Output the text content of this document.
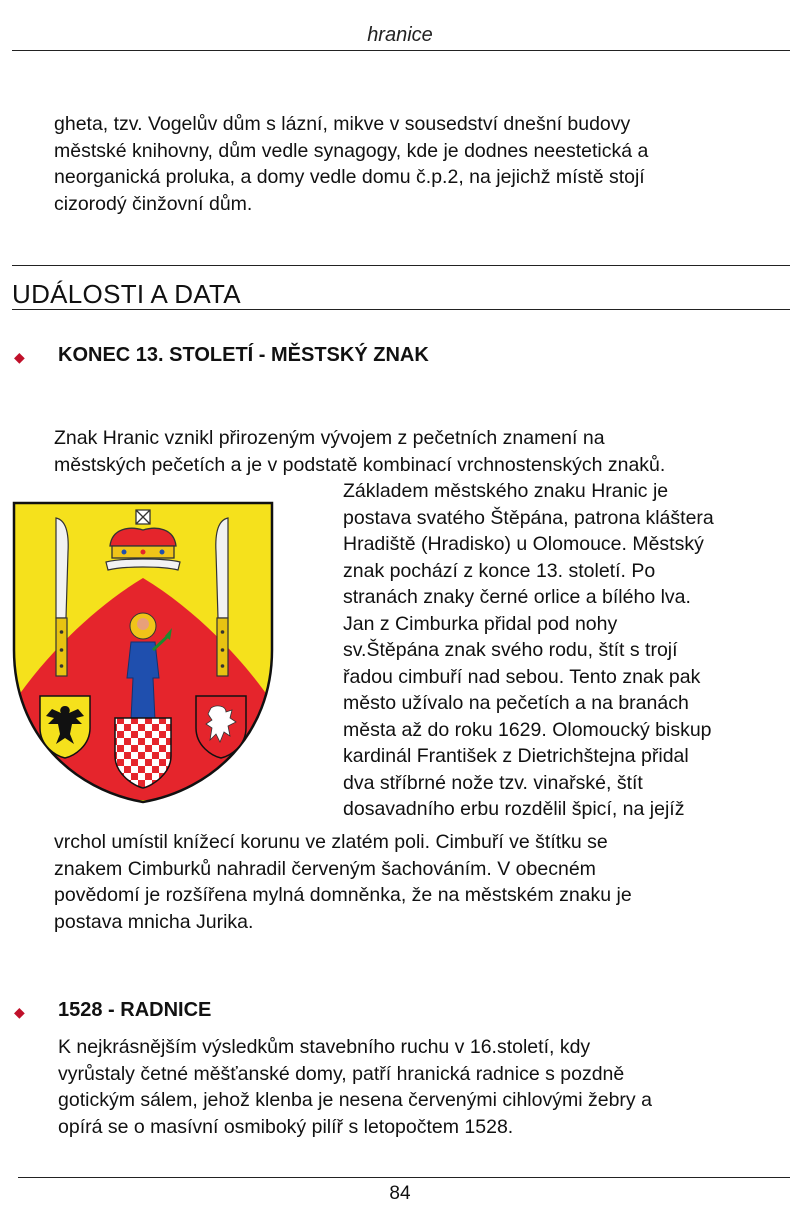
hranice
gheta, tzv. Vogelův dům s lázní, mikve v sousedství dnešní budovy
městské knihovny, dům vedle synagogy, kde je dodnes neestetická a
neorganická proluka, a domy vedle domu č.p.2, na jejichž místě stojí
cizorodý činžovní dům.
UDÁLOSTI A DATA
◆ KONEC 13. STOLETÍ - MĚSTSKÝ ZNAK
Znak Hranic vznikl přirozeným vývojem z pečetních znamení na
městských pečetích a je v podstatě kombinací vrchnostenských znaků.
Základem městského znaku Hranic je
postava svatého Štěpána, patrona kláštera
Hradiště (Hradisko) u Olomouce. Městský
znak pochází z konce 13. století. Po
stranách znaky černé orlice a bílého lva.
Jan z Cimburka přidal pod nohy
sv.Štěpána znak svého rodu, štít s trojí
řadou cimbuří nad sebou. Tento znak pak
město užívalo na pečetích a na branách
města až do roku 1629. Olomoucký biskup
kardinál František z Dietrichštejna přidal
dva stříbrné nože tzv. vinařské, štít
dosavadního erbu rozdělil špicí, na jejíž
vrchol umístil knížecí korunu ve zlatém poli. Cimbuří ve štítku se
znakem Cimburků nahradil červeným šachováním. V obecném
povědomí je rozšířena mylná domněnka, že na městském znaku je
postava mnicha Jurika.
◆ 1528 - RADNICE
K nejkrásnějším výsledkům stavebního ruchu v 16.století, kdy
vyrůstaly četné měšťanské domy, patří hranická radnice s pozdně
gotickým sálem, jehož klenba je nesena červenými cihlovými žebry a
opírá se o masívní osmiboký pilíř s letopočtem 1528.
84
